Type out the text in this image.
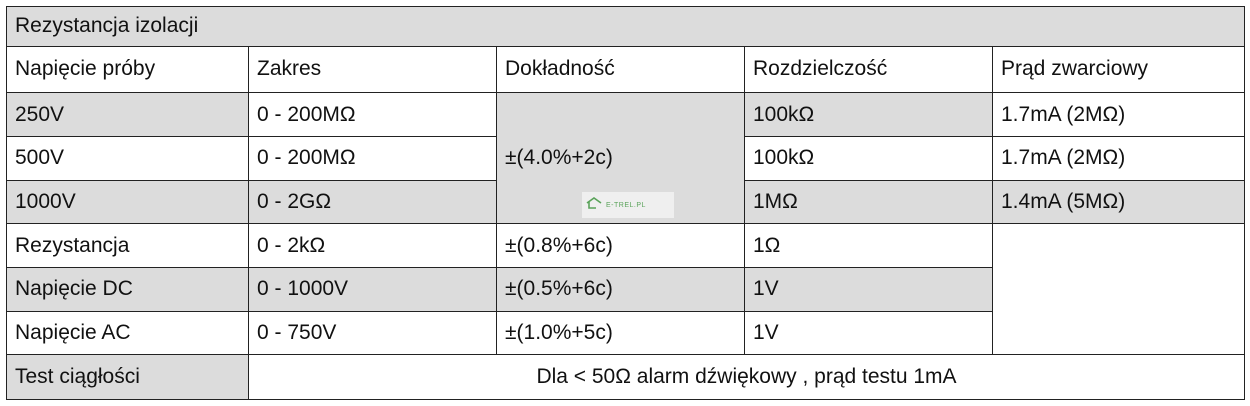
Rezystancja izolacji				
Napięcie próby	Zakres	Dokładność	Rozdzielczość	Prąd zwarciowy
250V	0 - 200MΩ	±(4.0%+2c)	100kΩ	1.7mA (2MΩ)
500V	0 - 200MΩ		100kΩ	1.7mA (2MΩ)
1000V	0 - 2GΩ		1MΩ	1.4mA (5MΩ)
Rezystancja	0 - 2kΩ	±(0.8%+6c)	1Ω	
Napięcie DC	0 - 1000V	±(0.5%+6c)	1V	
Napięcie AC	0 - 750V	±(1.0%+5c)	1V	
Test ciągłości	Dla < 50Ω alarm dźwiękowy , prąd testu 1mA			
E-TREL.PL
